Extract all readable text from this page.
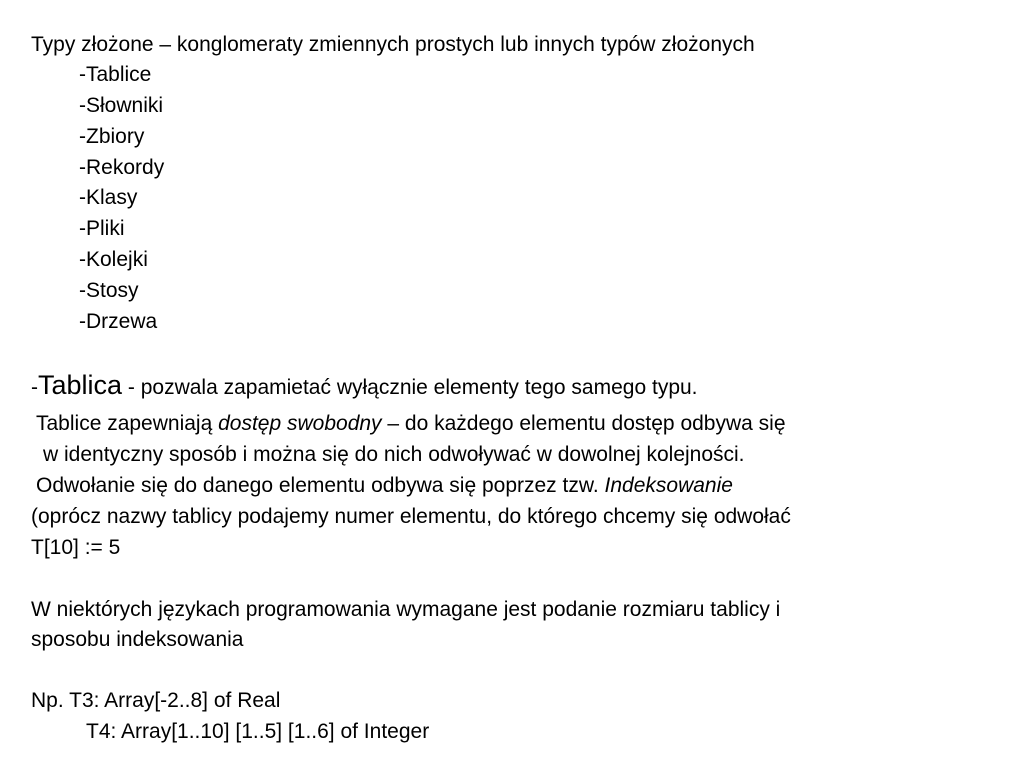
Typy złożone – konglomeraty zmiennych prostych lub innych typów złożonych
-Tablice
-Słowniki
-Zbiory
-Rekordy
-Klasy
-Pliki
-Kolejki
-Stosy
-Drzewa
-Tablica - pozwala zapamietać wyłącznie elementy tego samego typu.
Tablice zapewniają dostęp swobodny – do każdego elementu dostęp odbywa się
w identyczny sposób i można się do nich odwoływać w dowolnej kolejności.
Odwołanie się do danego elementu odbywa się poprzez tzw. Indeksowanie
(oprócz nazwy tablicy podajemy numer elementu, do którego chcemy się odwołać
T[10] := 5
W niektórych językach programowania wymagane jest podanie rozmiaru tablicy i
sposobu indeksowania
Np. T3: Array[-2..8] of Real
T4: Array[1..10] [1..5] [1..6] of Integer
